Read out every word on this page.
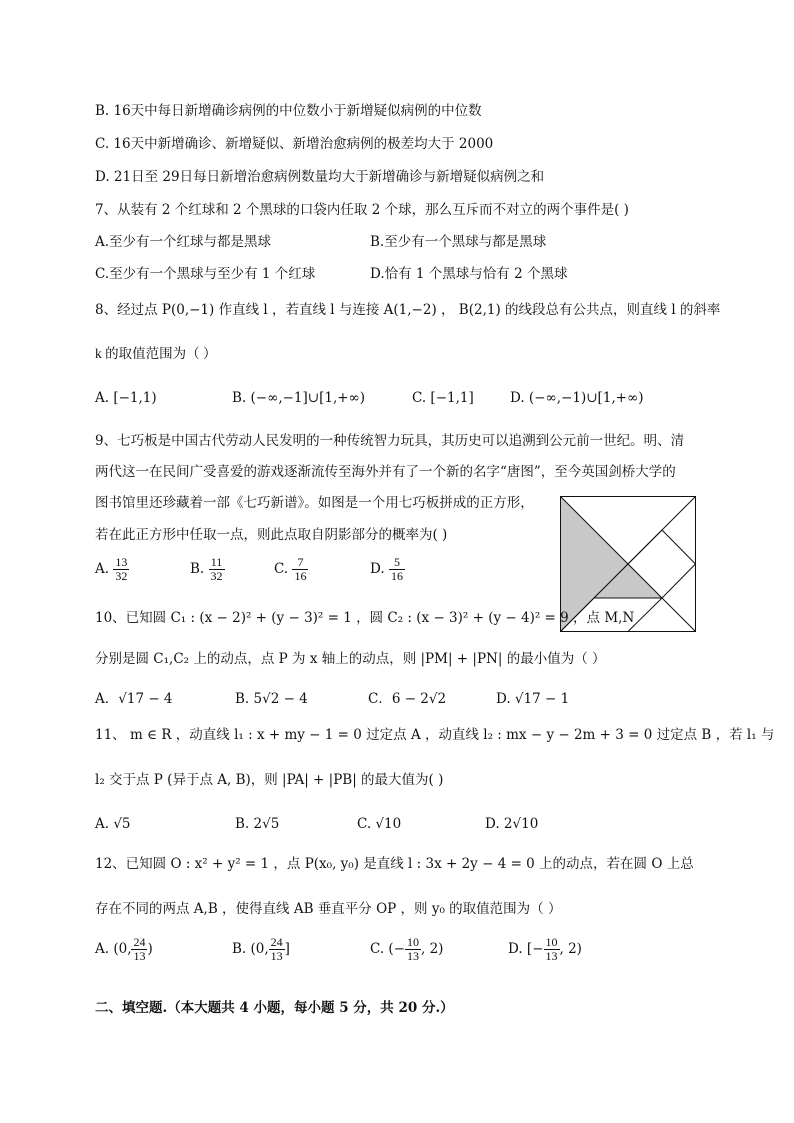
B. 16天中每日新增确诊病例的中位数小于新增疑似病例的中位数
C. 16天中新增确诊、新增疑似、新增治愈病例的极差均大于 2000
D. 21日至 29日每日新增治愈病例数量均大于新增确诊与新增疑似病例之和
7、从装有 2 个红球和 2 个黑球的口袋内任取 2 个球，那么互斥而不对立的两个事件是( )
A.至少有一个红球与都是黑球	B.至少有一个黑球与都是黑球
C.至少有一个黑球与至少有 1 个红球	D.恰有 1 个黑球与恰有 2 个黑球
8、经过点 P(0,−1) 作直线 l ，若直线 l 与连接 A(1,−2) ， B(2,1) 的线段总有公共点，则直线 l 的斜率
k 的取值范围为（ ）
A. [−1,1)	B. (−∞,−1]∪[1,+∞)	C. [−1,1]	D. (−∞,−1)∪[1,+∞)
9、七巧板是中国古代劳动人民发明的一种传统智力玩具，其历史可以追溯到公元前一世纪。明、清
两代这一在民间广受喜爱的游戏逐渐流传至海外并有了一个新的名字“唐图”，至今英国剑桥大学的
图书馆里还珍藏着一部《七巧新谱》。如图是一个用七巧板拼成的正方形，
若在此正方形中任取一点，则此点取自阴影部分的概率为( )
A. $\frac{13}{32}$	B. $\frac{11}{32}$	C. $\frac{7}{16}$	D. $\frac{5}{16}$
10、已知圆 C₁ : (x − 2)² + (y − 3)² = 1 ，圆 C₂ : (x − 3)² + (y − 4)² = 9 ，点 M,N
分别是圆 C₁,C₂ 上的动点，点 P 为 x 轴上的动点，则 |PM| + |PN| 的最小值为（ ）
A．√17 − 4	B. 5√2 − 4	C．6 − 2√2	D. √17 − 1
11、 m ∈ R ，动直线 l₁ : x + my − 1 = 0 过定点 A ，动直线 l₂ : mx − y − 2m + 3 = 0 过定点 B ，若 l₁ 与
l₂ 交于点 P (异于点 A, B)，则 |PA| + |PB| 的最大值为( )
A. √5	B. 2√5	C. √10	D. 2√10
12、已知圆 O : x² + y² = 1 ，点 P(x₀, y₀) 是直线 l : 3x + 2y − 4 = 0 上的动点，若在圆 O 上总
存在不同的两点 A,B ，使得直线 AB 垂直平分 OP ，则 y₀ 的取值范围为（ ）
A. (0, $\frac{24}{13}$ )	B. (0, $\frac{24}{13}$ ]	C. (− $\frac{10}{13}$ , 2)	D. [− $\frac{10}{13}$ , 2)
二、填空题.（本大题共 4 小题，每小题 5 分，共 20 分.）
